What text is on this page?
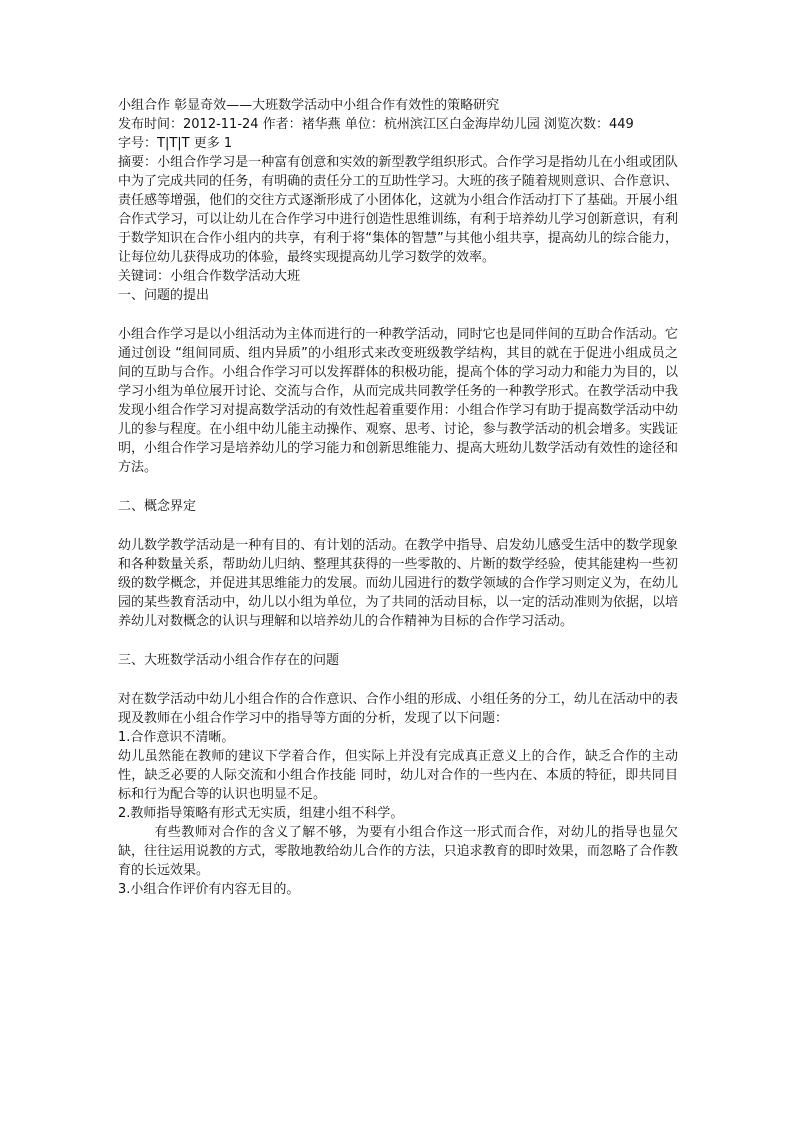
小组合作 彰显奇效——大班数学活动中小组合作有效性的策略研究
发布时间：2012-11-24 作者：褚华燕 单位：杭州滨江区白金海岸幼儿园 浏览次数：449
字号：T|T|T 更多 1

摘要：小组合作学习是一种富有创意和实效的新型教学组织形式。合作学习是指幼儿在小组或团队中为了完成共同的任务，有明确的责任分工的互助性学习。大班的孩子随着规则意识、合作意识、责任感等增强，他们的交往方式逐渐形成了小团体化，这就为小组合作活动打下了基础。开展小组合作式学习，可以让幼儿在合作学习中进行创造性思维训练，有利于培养幼儿学习创新意识，有利于数学知识在合作小组内的共享，有利于将“集体的智慧”与其他小组共享，提高幼儿的综合能力，让每位幼儿获得成功的体验，最终实现提高幼儿学习数学的效率。

关键词：小组合作数学活动大班
一、问题的提出

小组合作学习是以小组活动为主体而进行的一种教学活动，同时它也是同伴间的互助合作活动。它通过创设 “组间同质、组内异质”的小组形式来改变班级教学结构，其目的就在于促进小组成员之间的互助与合作。小组合作学习可以发挥群体的积极功能，提高个体的学习动力和能力为目的，以学习小组为单位展开讨论、交流与合作，从而完成共同教学任务的一种教学形式。在教学活动中我发现小组合作学习对提高数学活动的有效性起着重要作用：小组合作学习有助于提高数学活动中幼儿的参与程度。在小组中幼儿能主动操作、观察、思考、讨论，参与教学活动的机会增多。实践证明，小组合作学习是培养幼儿的学习能力和创新思维能力、提高大班幼儿数学活动有效性的途径和方法。

二、概念界定

幼儿数学教学活动是一种有目的、有计划的活动。在教学中指导、启发幼儿感受生活中的数学现象和各种数量关系，帮助幼儿归纳、整理其获得的一些零散的、片断的数学经验，使其能建构一些初级的数学概念，并促进其思维能力的发展。而幼儿园进行的数学领域的合作学习则定义为，在幼儿园的某些教育活动中，幼儿以小组为单位，为了共同的活动目标，以一定的活动准则为依据，以培养幼儿对数概念的认识与理解和以培养幼儿的合作精神为目标的合作学习活动。

三、大班数学活动小组合作存在的问题

对在数学活动中幼儿小组合作的合作意识、合作小组的形成、小组任务的分工，幼儿在活动中的表现及教师在小组合作学习中的指导等方面的分析，发现了以下问题：

1.合作意识不清晰。

幼儿虽然能在教师的建议下学着合作，但实际上并没有完成真正意义上的合作，缺乏合作的主动性，缺乏必要的人际交流和小组合作技能 同时，幼儿对合作的一些内在、本质的特征，即共同目标和行为配合等的认识也明显不足。

2.教师指导策略有形式无实质，组建小组不科学。

有些教师对合作的含义了解不够，为要有小组合作这一形式而合作，对幼儿的指导也显欠缺，往往运用说教的方式，零散地教给幼儿合作的方法，只追求教育的即时效果，而忽略了合作教育的长远效果。

3.小组合作评价有内容无目的。
